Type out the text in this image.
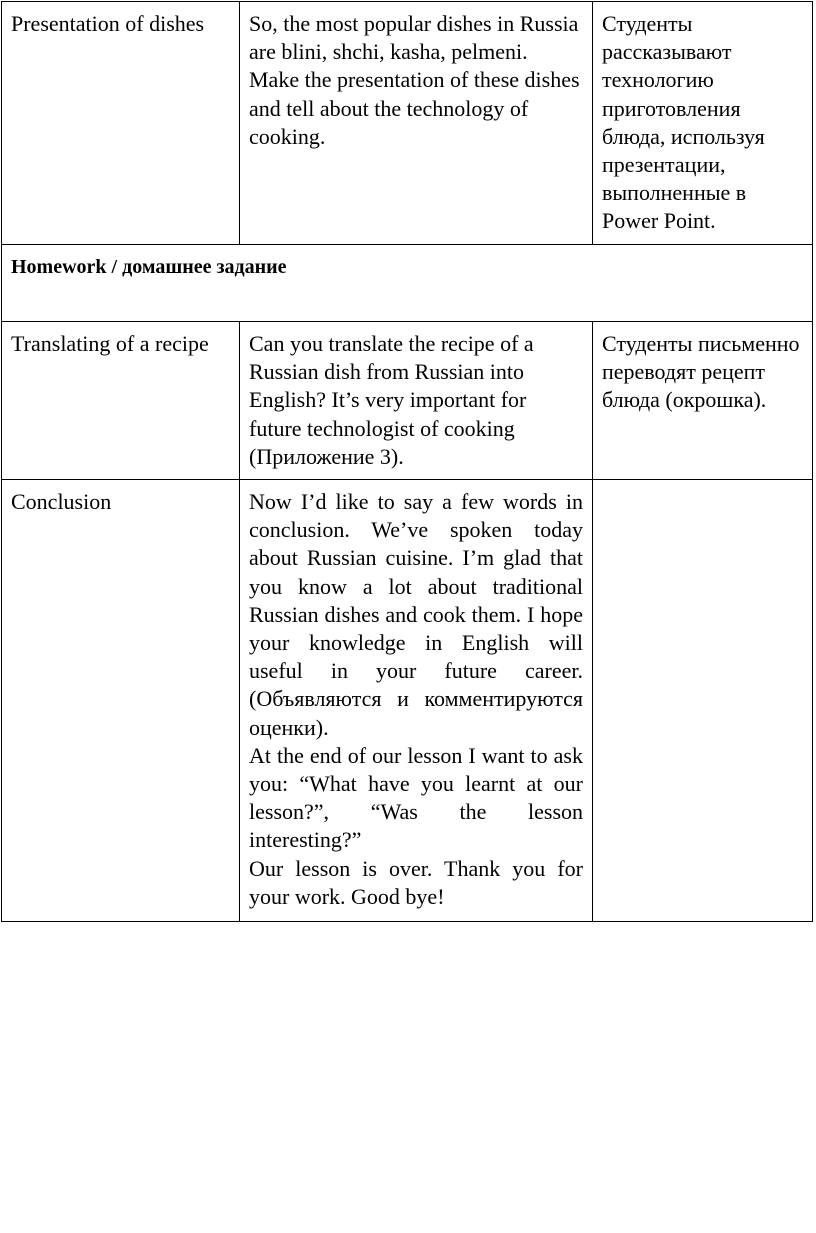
Presentation of dishes	So, the most popular dishes in Russia are blini, shchi, kasha, pelmeni. Make the presentation of these dishes and tell about the technology of cooking.	Студенты рассказывают технологию приготовления блюда, используя презентации, выполненные в Power Point.
Homework / домашнее задание		
Translating of a recipe	Can you translate the recipe of a Russian dish from Russian into English? It’s very important for future technologist of cooking (Приложение 3).	Студенты письменно переводят рецепт блюда (окрошка).
Conclusion	Now I’d like to say a few words in conclusion. We’ve spoken today about Russian cuisine. I’m glad that you know a lot about traditional Russian dishes and cook them. I hope your knowledge in English will useful in your future career. (Объявляются и комментируются оценки).

At the end of our lesson I want to ask you: “What have you learnt at our lesson?”, “Was the lesson interesting?”

Our lesson is over. Thank you for your work. Good bye!	
